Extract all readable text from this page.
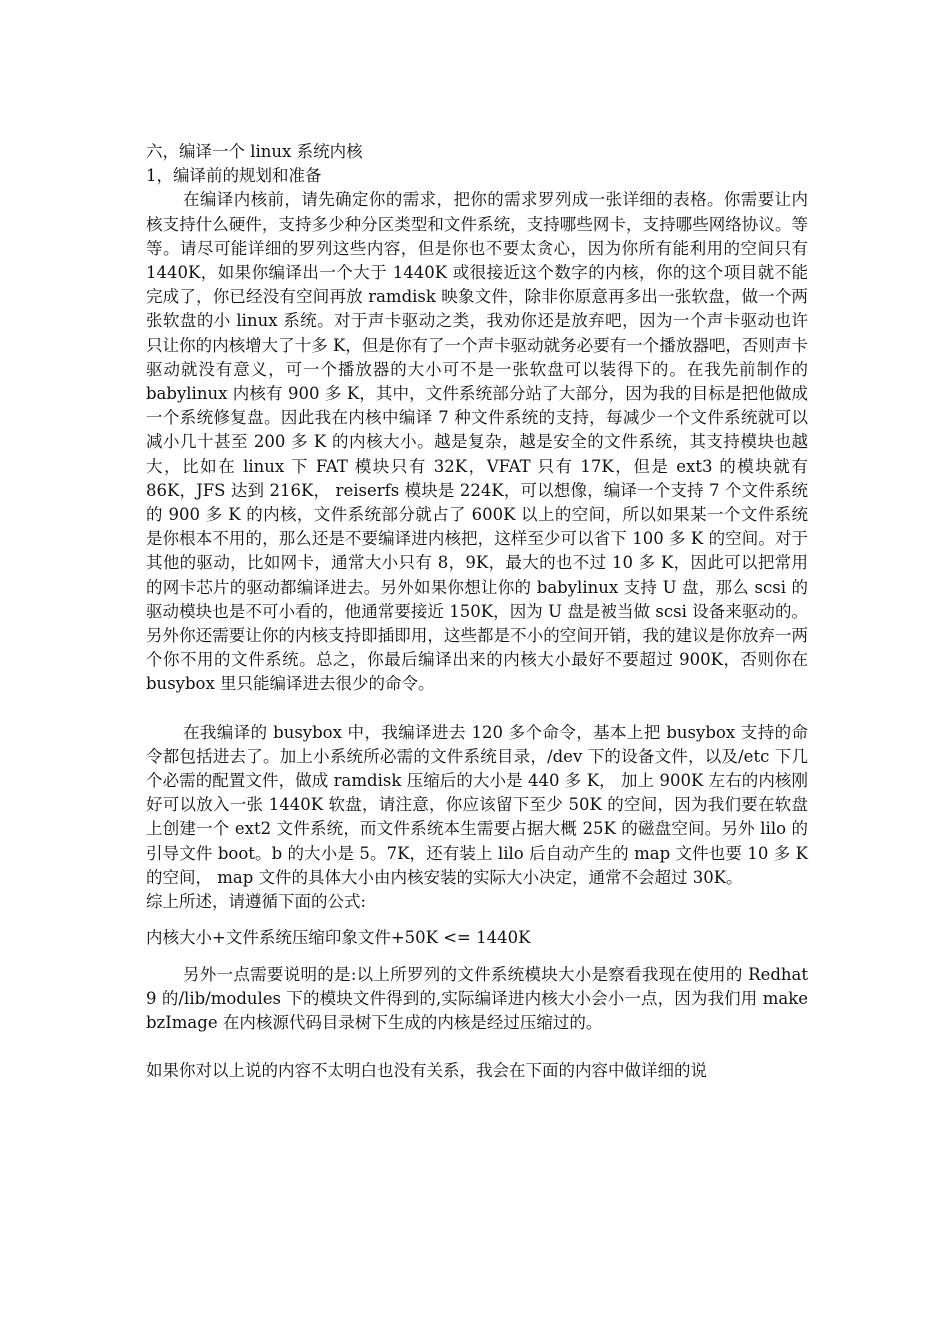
六，编译一个 linux 系统内核
1，编译前的规划和准备
在编译内核前，请先确定你的需求，把你的需求罗列成一张详细的表格。你需要让内核支持什么硬件，支持多少种分区类型和文件系统，支持哪些网卡，支持哪些网络协议。等等。请尽可能详细的罗列这些内容，但是你也不要太贪心，因为你所有能利用的空间只有 1440K，如果你编译出一个大于 1440K 或很接近这个数字的内核，你的这个项目就不能完成了，你已经没有空间再放 ramdisk 映象文件，除非你原意再多出一张软盘，做一个两张软盘的小 linux 系统。对于声卡驱动之类，我劝你还是放弃吧，因为一个声卡驱动也许只让你的内核增大了十多 K，但是你有了一个声卡驱动就务必要有一个播放器吧，否则声卡驱动就没有意义，可一个播放器的大小可不是一张软盘可以装得下的。在我先前制作的 babylinux 内核有 900 多 K，其中，文件系统部分站了大部分，因为我的目标是把他做成一个系统修复盘。因此我在内核中编译 7 种文件系统的支持，每减少一个文件系统就可以减小几十甚至 200 多 K 的内核大小。越是复杂，越是安全的文件系统，其支持模块也越大，比如在 linux 下 FAT 模块只有 32K，VFAT 只有 17K，但是 ext3 的模块就有 86K，JFS 达到 216K， reiserfs 模块是 224K，可以想像，编译一个支持 7 个文件系统的 900 多 K 的内核，文件系统部分就占了 600K 以上的空间，所以如果某一个文件系统是你根本不用的，那么还是不要编译进内核把，这样至少可以省下 100 多 K 的空间。对于其他的驱动，比如网卡，通常大小只有 8，9K，最大的也不过 10 多 K，因此可以把常用的网卡芯片的驱动都编译进去。另外如果你想让你的 babylinux 支持 U 盘，那么 scsi 的驱动模块也是不可小看的，他通常要接近 150K，因为 U 盘是被当做 scsi 设备来驱动的。另外你还需要让你的内核支持即插即用，这些都是不小的空间开销，我的建议是你放弃一两个你不用的文件系统。总之，你最后编译出来的内核大小最好不要超过 900K，否则你在 busybox 里只能编译进去很少的命令。
在我编译的 busybox 中，我编译进去 120 多个命令，基本上把 busybox 支持的命令都包括进去了。加上小系统所必需的文件系统目录，/dev 下的设备文件，以及/etc 下几个必需的配置文件，做成 ramdisk 压缩后的大小是 440 多 K， 加上 900K 左右的内核刚好可以放入一张 1440K 软盘，请注意，你应该留下至少 50K 的空间，因为我们要在软盘上创建一个 ext2 文件系统，而文件系统本生需要占据大概 25K 的磁盘空间。另外 lilo 的引导文件 boot。b 的大小是 5。7K，还有装上 lilo 后自动产生的 map 文件也要 10 多 K 的空间， map 文件的具体大小由内核安装的实际大小决定，通常不会超过 30K。
综上所述，请遵循下面的公式:
内核大小+文件系统压缩印象文件+50K <= 1440K
另外一点需要说明的是:以上所罗列的文件系统模块大小是察看我现在使用的 Redhat 9 的/lib/modules 下的模块文件得到的,实际编译进内核大小会小一点，因为我们用 make bzImage 在内核源代码目录树下生成的内核是经过压缩过的。
如果你对以上说的内容不太明白也没有关系，我会在下面的内容中做详细的说
